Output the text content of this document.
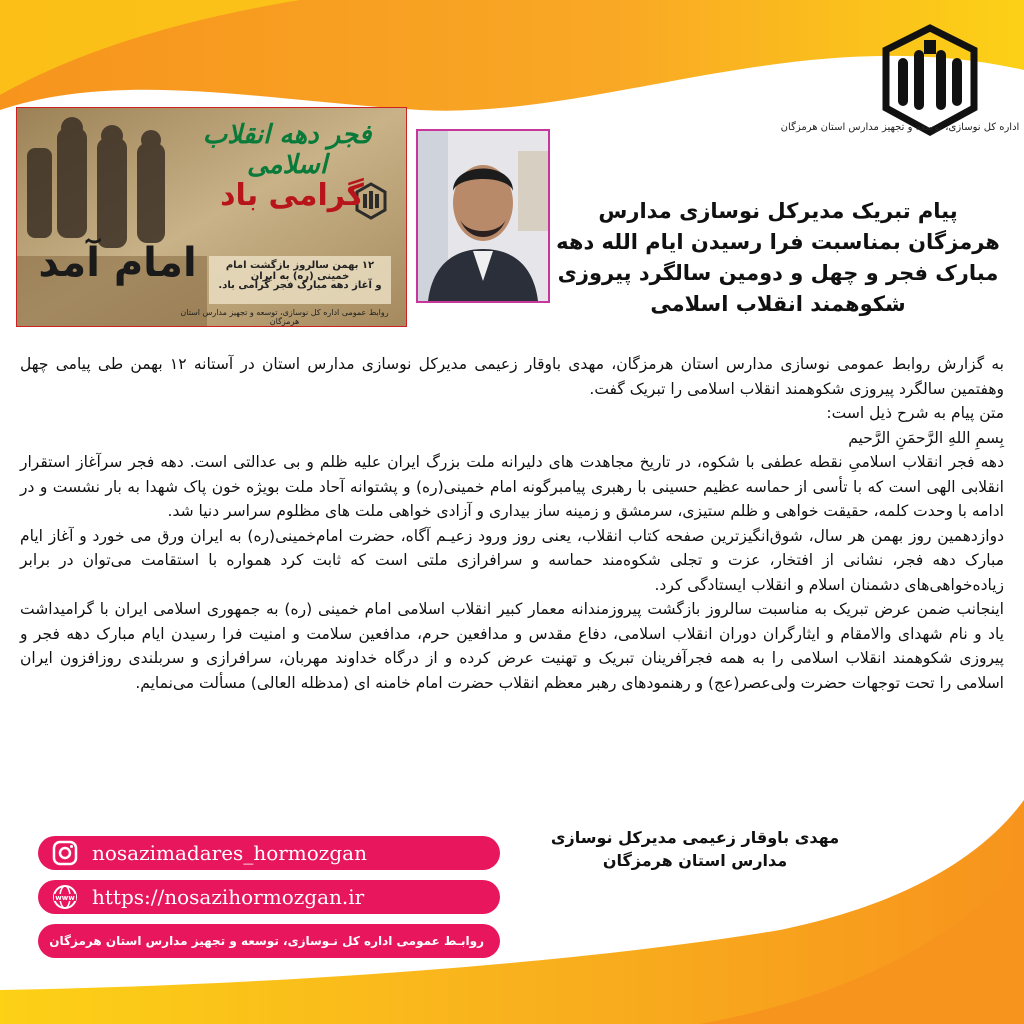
اداره کل نوسازی، توسعه و تجهیز مدارس استان هرمزگان
فجر دهه انقلاب اسلامی
گرامی باد
امام آمد	۱۲ بهمن سالروز بازگشت امام خمینی (ره) به ایران
و آغاز دهه مبارک فجر گرامی باد.
روابط عمومی اداره کل نوسازی، توسعه و تجهیز مدارس استان هرمزگان
پیام تبریک مدیرکل نوسازی مدارس هرمزگان بمناسبت فرا رسیدن ایام الله دهه مبارک فجر و چهل و دومین سالگرد پیروزی شکوهمند انقلاب اسلامی

به گزارش روابط عمومی نوسازی مدارس استان هرمزگان، مهدی باوقار زعیمی مدیرکل نوسازی مدارس استان در آستانه ۱۲ بهمن طی پیامی چهل وهفتمین سالگرد پیروزی شکوهمند انقلاب اسلامی را تبریک گفت.

متن پیام به شرح ذیل است:

بِسمِ اللهِ الرَّحمَنِ الرَّحیم

دهه فجر انقلاب اسلامیِ نقطه عطفی با شکوه، در تاریخ مجاهدت های دلیرانه ملت بزرگ ایران علیه ظلم و بی عدالتی است. دهه فجر سرآغاز استقرار انقلابی الهی است که با تأسی از حماسه عظیم حسینی با رهبری پیامبرگونه امام خمینی(ره) و پشتوانه آحاد ملت بویژه خون پاک شهدا به بار نشست و در ادامه با وحدت کلمه، حقیقت خواهی و ظلم ستیزی، سرمشق و زمینه ساز بیداری و آزادی خواهی ملت های مظلوم سراسر دنیا شد.

دوازدهمین روز بهمن هر سال، شوق‌انگیزترین صفحه کتاب انقلاب، یعنی روز ورود زعیـم آگاه، حضرت امام‌خمینی(ره) به ایران ورق می خورد و آغاز ایام مبارک دهه فجر، نشانی از افتخار، عزت و تجلی شکوه‌مند حماسه و سرافرازی ملتی است که ثابت کرد همواره با استقامت می‌توان در برابر زیاده‌خواهی‌های دشمنان اسلام و انقلاب ایستادگی کرد.

اینجانب ضمن عرض تبریک به مناسبت سالروز بازگشت پیروزمندانه معمار کبیر انقلاب اسلامی امام خمینی (ره) به جمهوری اسلامی ایران با گرامیداشت یاد و نام شهدای والامقام و ایثارگران دوران انقلاب اسلامی، دفاع مقدس و مدافعین حرم، مدافعین سلامت و امنیت فرا رسیدن ایام مبارک دهه فجر و پیروزی شکوهمند انقلاب اسلامی را به همه فجرآفرینان تبریک و تهنیت عرض کرده و از درگاه خداوند مهربان، سرافرازی و سربلندی روزافزون ایران اسلامی را تحت توجهات حضرت ولی‌عصر(عج) و رهنمودهای رهبر معظم انقلاب حضرت امام خامنه ای (مدظله العالی) مسألت می‌نمایم.

مهدی باوقار زعیمی مدیرکل نوسازی
مدارس استان هرمزگان
nosazimadares_hormozgan
www https://nosazihormozgan.ir
روابـط عمومی اداره کل نـوسازی، توسعه و تجهیز مدارس استان هرمزگان
